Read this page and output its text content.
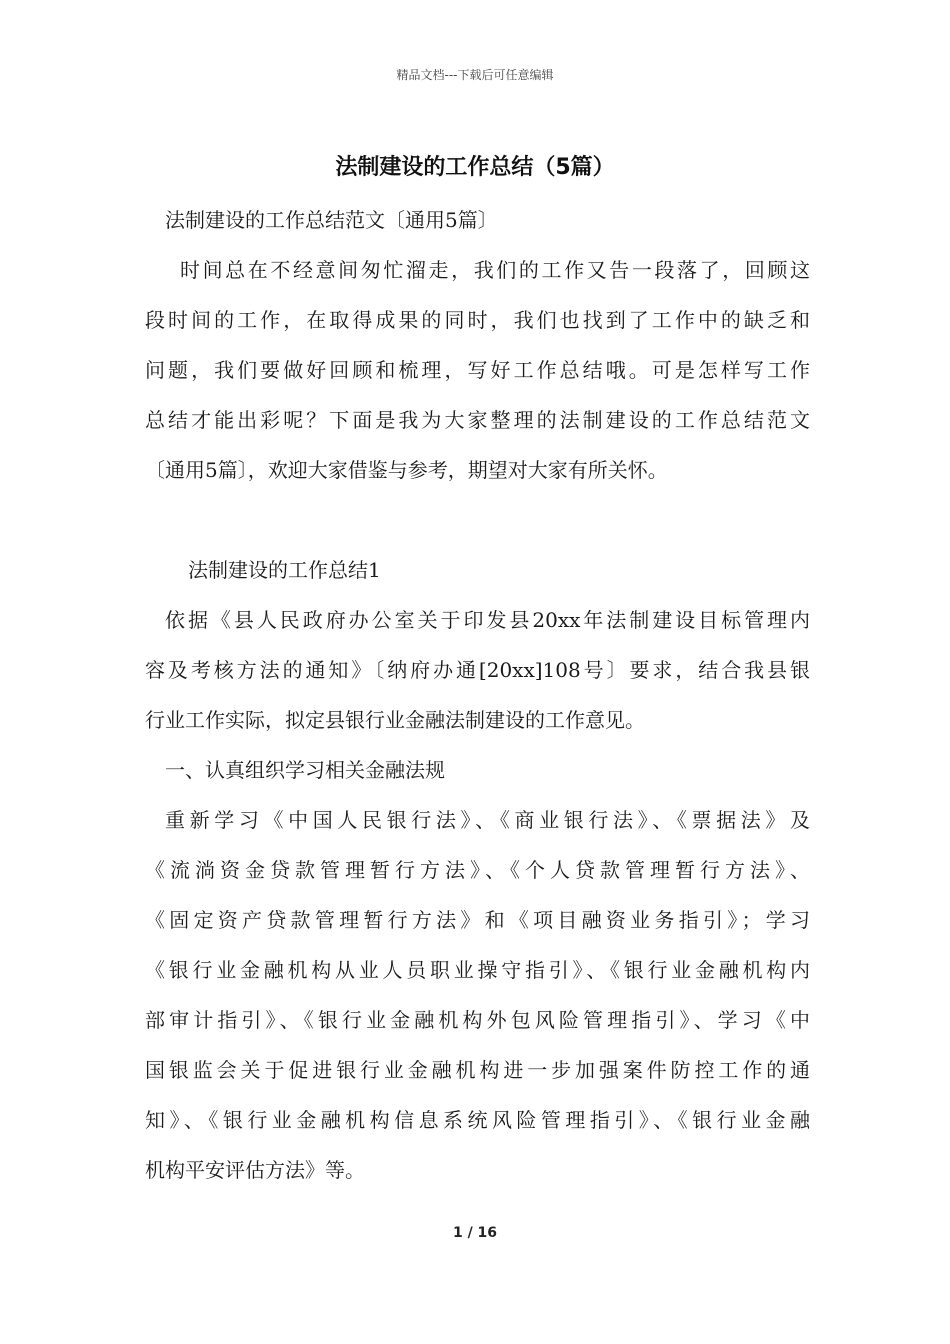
精品文档---下载后可任意编辑
法制建设的工作总结（5篇）
法制建设的工作总结范文〔通用5篇〕
时间总在不经意间匆忙溜走，我们的工作又告一段落了，回顾这
段时间的工作，在取得成果的同时，我们也找到了工作中的缺乏和
问题，我们要做好回顾和梳理，写好工作总结哦。可是怎样写工作
总结才能出彩呢？下面是我为大家整理的法制建设的工作总结范文
〔通用5篇〕，欢迎大家借鉴与参考，期望对大家有所关怀。
法制建设的工作总结1
依据《县人民政府办公室关于印发县20xx年法制建设目标管理内
容及考核方法的通知》〔纳府办通[20xx]108号〕要求，结合我县银
行业工作实际，拟定县银行业金融法制建设的工作意见。
一、认真组织学习相关金融法规
重新学习《中国人民银行法》、《商业银行法》、《票据法》及
《流淌资金贷款管理暂行方法》、《个人贷款管理暂行方法》、
《固定资产贷款管理暂行方法》和《项目融资业务指引》；学习
《银行业金融机构从业人员职业操守指引》、《银行业金融机构内
部审计指引》、《银行业金融机构外包风险管理指引》、学习《中
国银监会关于促进银行业金融机构进一步加强案件防控工作的通
知》、《银行业金融机构信息系统风险管理指引》、《银行业金融
机构平安评估方法》等。
1 / 16
